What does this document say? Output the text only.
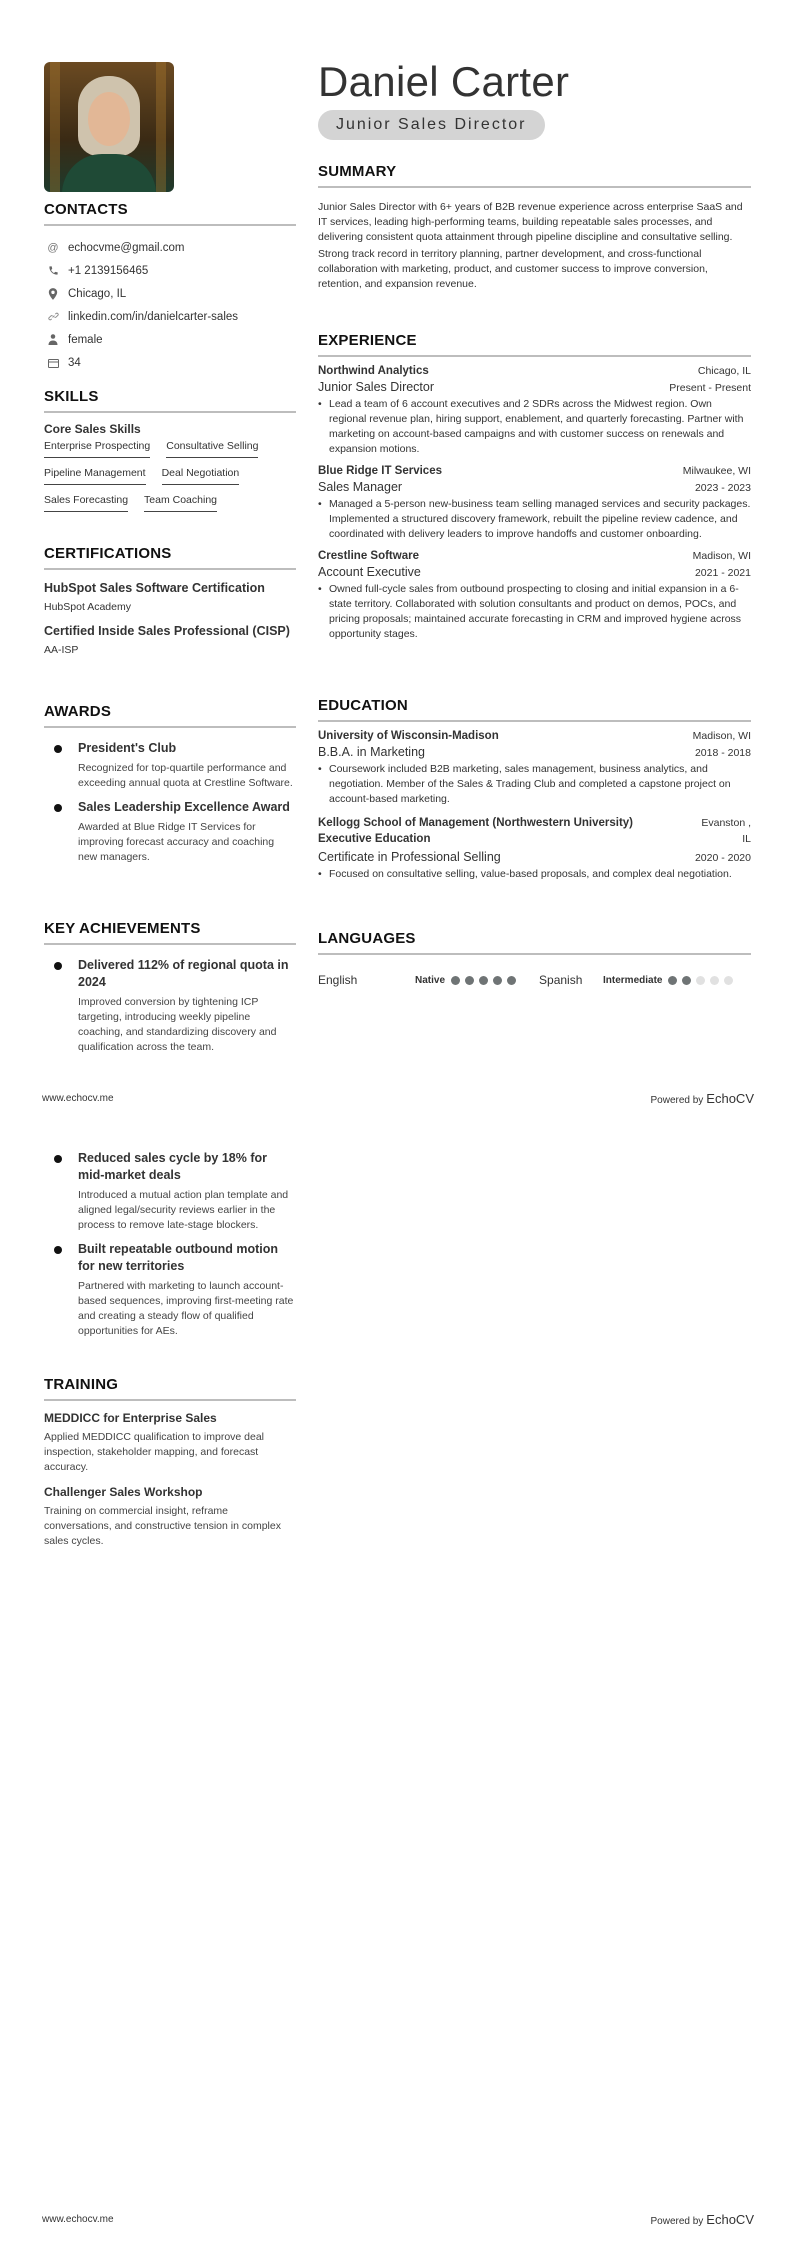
Daniel Carter
Junior Sales Director
CONTACTS
@ echocvme@gmail.com
+1 2139156465
Chicago, IL
linkedin.com/in/danielcarter-sales
female
34
SKILLS
Core Sales Skills
Enterprise Prospecting Consultative Selling
Pipeline Management Deal Negotiation
Sales Forecasting Team Coaching
CERTIFICATIONS
HubSpot Sales Software Certification
HubSpot Academy
Certified Inside Sales Professional (CISP)
AA-ISP
AWARDS
President's Club
Recognized for top-quartile performance and exceeding annual quota at Crestline Software.
Sales Leadership Excellence Award
Awarded at Blue Ridge IT Services for improving forecast accuracy and coaching new managers.
KEY ACHIEVEMENTS
Delivered 112% of regional quota in 2024
Improved conversion by tightening ICP targeting, introducing weekly pipeline coaching, and standardizing discovery and qualification across the team.
SUMMARY

Junior Sales Director with 6+ years of B2B revenue experience across enterprise SaaS and IT services, leading high-performing teams, building repeatable sales processes, and delivering consistent quota attainment through pipeline discipline and consultative selling.

Strong track record in territory planning, partner development, and cross-functional collaboration with marketing, product, and customer success to improve conversion, retention, and expansion revenue.

EXPERIENCE
Northwind Analytics	Chicago, IL
Junior Sales Director	Present - Present
• Lead a team of 6 account executives and 2 SDRs across the Midwest region. Own regional revenue plan, hiring support, enablement, and quarterly forecasting. Partner with marketing on account-based campaigns and with customer success on renewals and expansion motions.
Blue Ridge IT Services	Milwaukee, WI
Sales Manager	2023 - 2023
• Managed a 5-person new-business team selling managed services and security packages. Implemented a structured discovery framework, rebuilt the pipeline review cadence, and coordinated with delivery leaders to improve handoffs and customer onboarding.
Crestline Software	Madison, WI
Account Executive	2021 - 2021
• Owned full-cycle sales from outbound prospecting to closing and initial expansion in a 6-state territory. Collaborated with solution consultants and product on demos, POCs, and pricing proposals; maintained accurate forecasting in CRM and improved hygiene across opportunity stages.
EDUCATION
University of Wisconsin-Madison	Madison, WI
B.B.A. in Marketing	2018 - 2018
• Coursework included B2B marketing, sales management, business analytics, and negotiation. Member of the Sales & Trading Club and completed a capstone project on account-based marketing.
Kellogg School of Management (Northwestern University) Executive Education
Evanston , IL
Certificate in Professional Selling	2020 - 2020
• Focused on consultative selling, value-based proposals, and complex deal negotiation.
LANGUAGES
English	Native	Spanish	Intermediate
www.echocv.me	Powered by EchoCV
Reduced sales cycle by 18% for mid-market deals
Introduced a mutual action plan template and aligned legal/security reviews earlier in the process to remove late-stage blockers.
Built repeatable outbound motion for new territories
Partnered with marketing to launch account-based sequences, improving first-meeting rate and creating a steady flow of qualified opportunities for AEs.
TRAINING
MEDDICC for Enterprise Sales
Applied MEDDICC qualification to improve deal inspection, stakeholder mapping, and forecast accuracy.
Challenger Sales Workshop
Training on commercial insight, reframe conversations, and constructive tension in complex sales cycles.
www.echocv.me	Powered by EchoCV
